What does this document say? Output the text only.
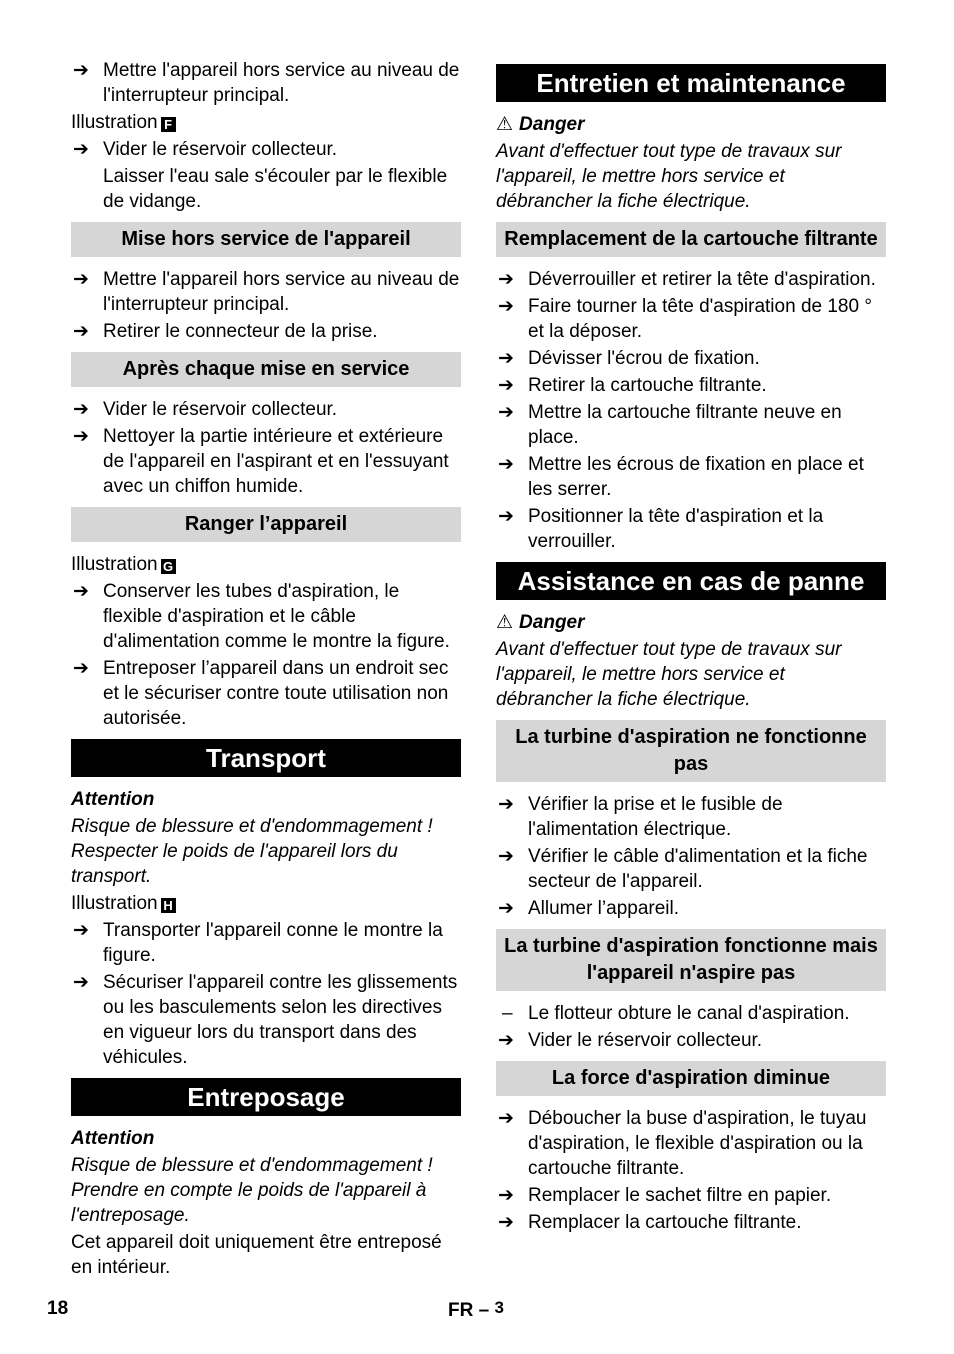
➔ Mettre l'appareil hors service au niveau de l'interrupteur principal.
Illustration F
➔ Vider le réservoir collecteur.
Laisser l'eau sale s'écouler par le flexible de vidange.
Mise hors service de l'appareil
➔ Mettre l'appareil hors service au niveau de l'interrupteur principal.
➔ Retirer le connecteur de la prise.
Après chaque mise en service
➔ Vider le réservoir collecteur.
➔ Nettoyer la partie intérieure et extérieure de l'appareil en l'aspirant et en l'essuyant avec un chiffon humide.
Ranger l’appareil
Illustration G
➔ Conserver les tubes d'aspiration, le flexible d'aspiration et le câble d'alimentation comme le montre la figure.
➔ Entreposer l’appareil dans un endroit sec et le sécuriser contre toute utilisation non autorisée.
Transport
Attention
Risque de blessure et d'endommagement ! Respecter le poids de l'appareil lors du transport.
Illustration H
➔ Transporter l'appareil conne le montre la figure.
➔ Sécuriser l'appareil contre les glissements ou les basculements selon les directives en vigueur lors du transport dans des véhicules.
Entreposage
Attention
Risque de blessure et d'endommagement ! Prendre en compte le poids de l'appareil à l'entreposage.
Cet appareil doit uniquement être entreposé en intérieur.
Entretien et maintenance
⚠ Danger
Avant d'effectuer tout type de travaux sur l'appareil, le mettre hors service et débrancher la fiche électrique.
Remplacement de la cartouche filtrante
➔ Déverrouiller et retirer la tête d'aspiration.
➔ Faire tourner la tête d'aspiration de 180 ° et la déposer.
➔ Dévisser l'écrou de fixation.
➔ Retirer la cartouche filtrante.
➔ Mettre la cartouche filtrante neuve en place.
➔ Mettre les écrous de fixation en place et les serrer.
➔ Positionner la tête d'aspiration et la verrouiller.
Assistance en cas de panne
⚠ Danger
Avant d'effectuer tout type de travaux sur l'appareil, le mettre hors service et débrancher la fiche électrique.
La turbine d'aspiration ne fonctionne pas
➔ Vérifier la prise et le fusible de l'alimentation électrique.
➔ Vérifier le câble d'alimentation et la fiche secteur de l'appareil.
➔ Allumer l’appareil.
La turbine d'aspiration fonctionne mais l'appareil n'aspire pas
– Le flotteur obture le canal d'aspiration.
➔ Vider le réservoir collecteur.
La force d'aspiration diminue
➔ Déboucher la buse d'aspiration, le tuyau d'aspiration, le flexible d'aspiration ou la cartouche filtrante.
➔ Remplacer le sachet filtre en papier.
➔ Remplacer la cartouche filtrante.
18	FR – 3
